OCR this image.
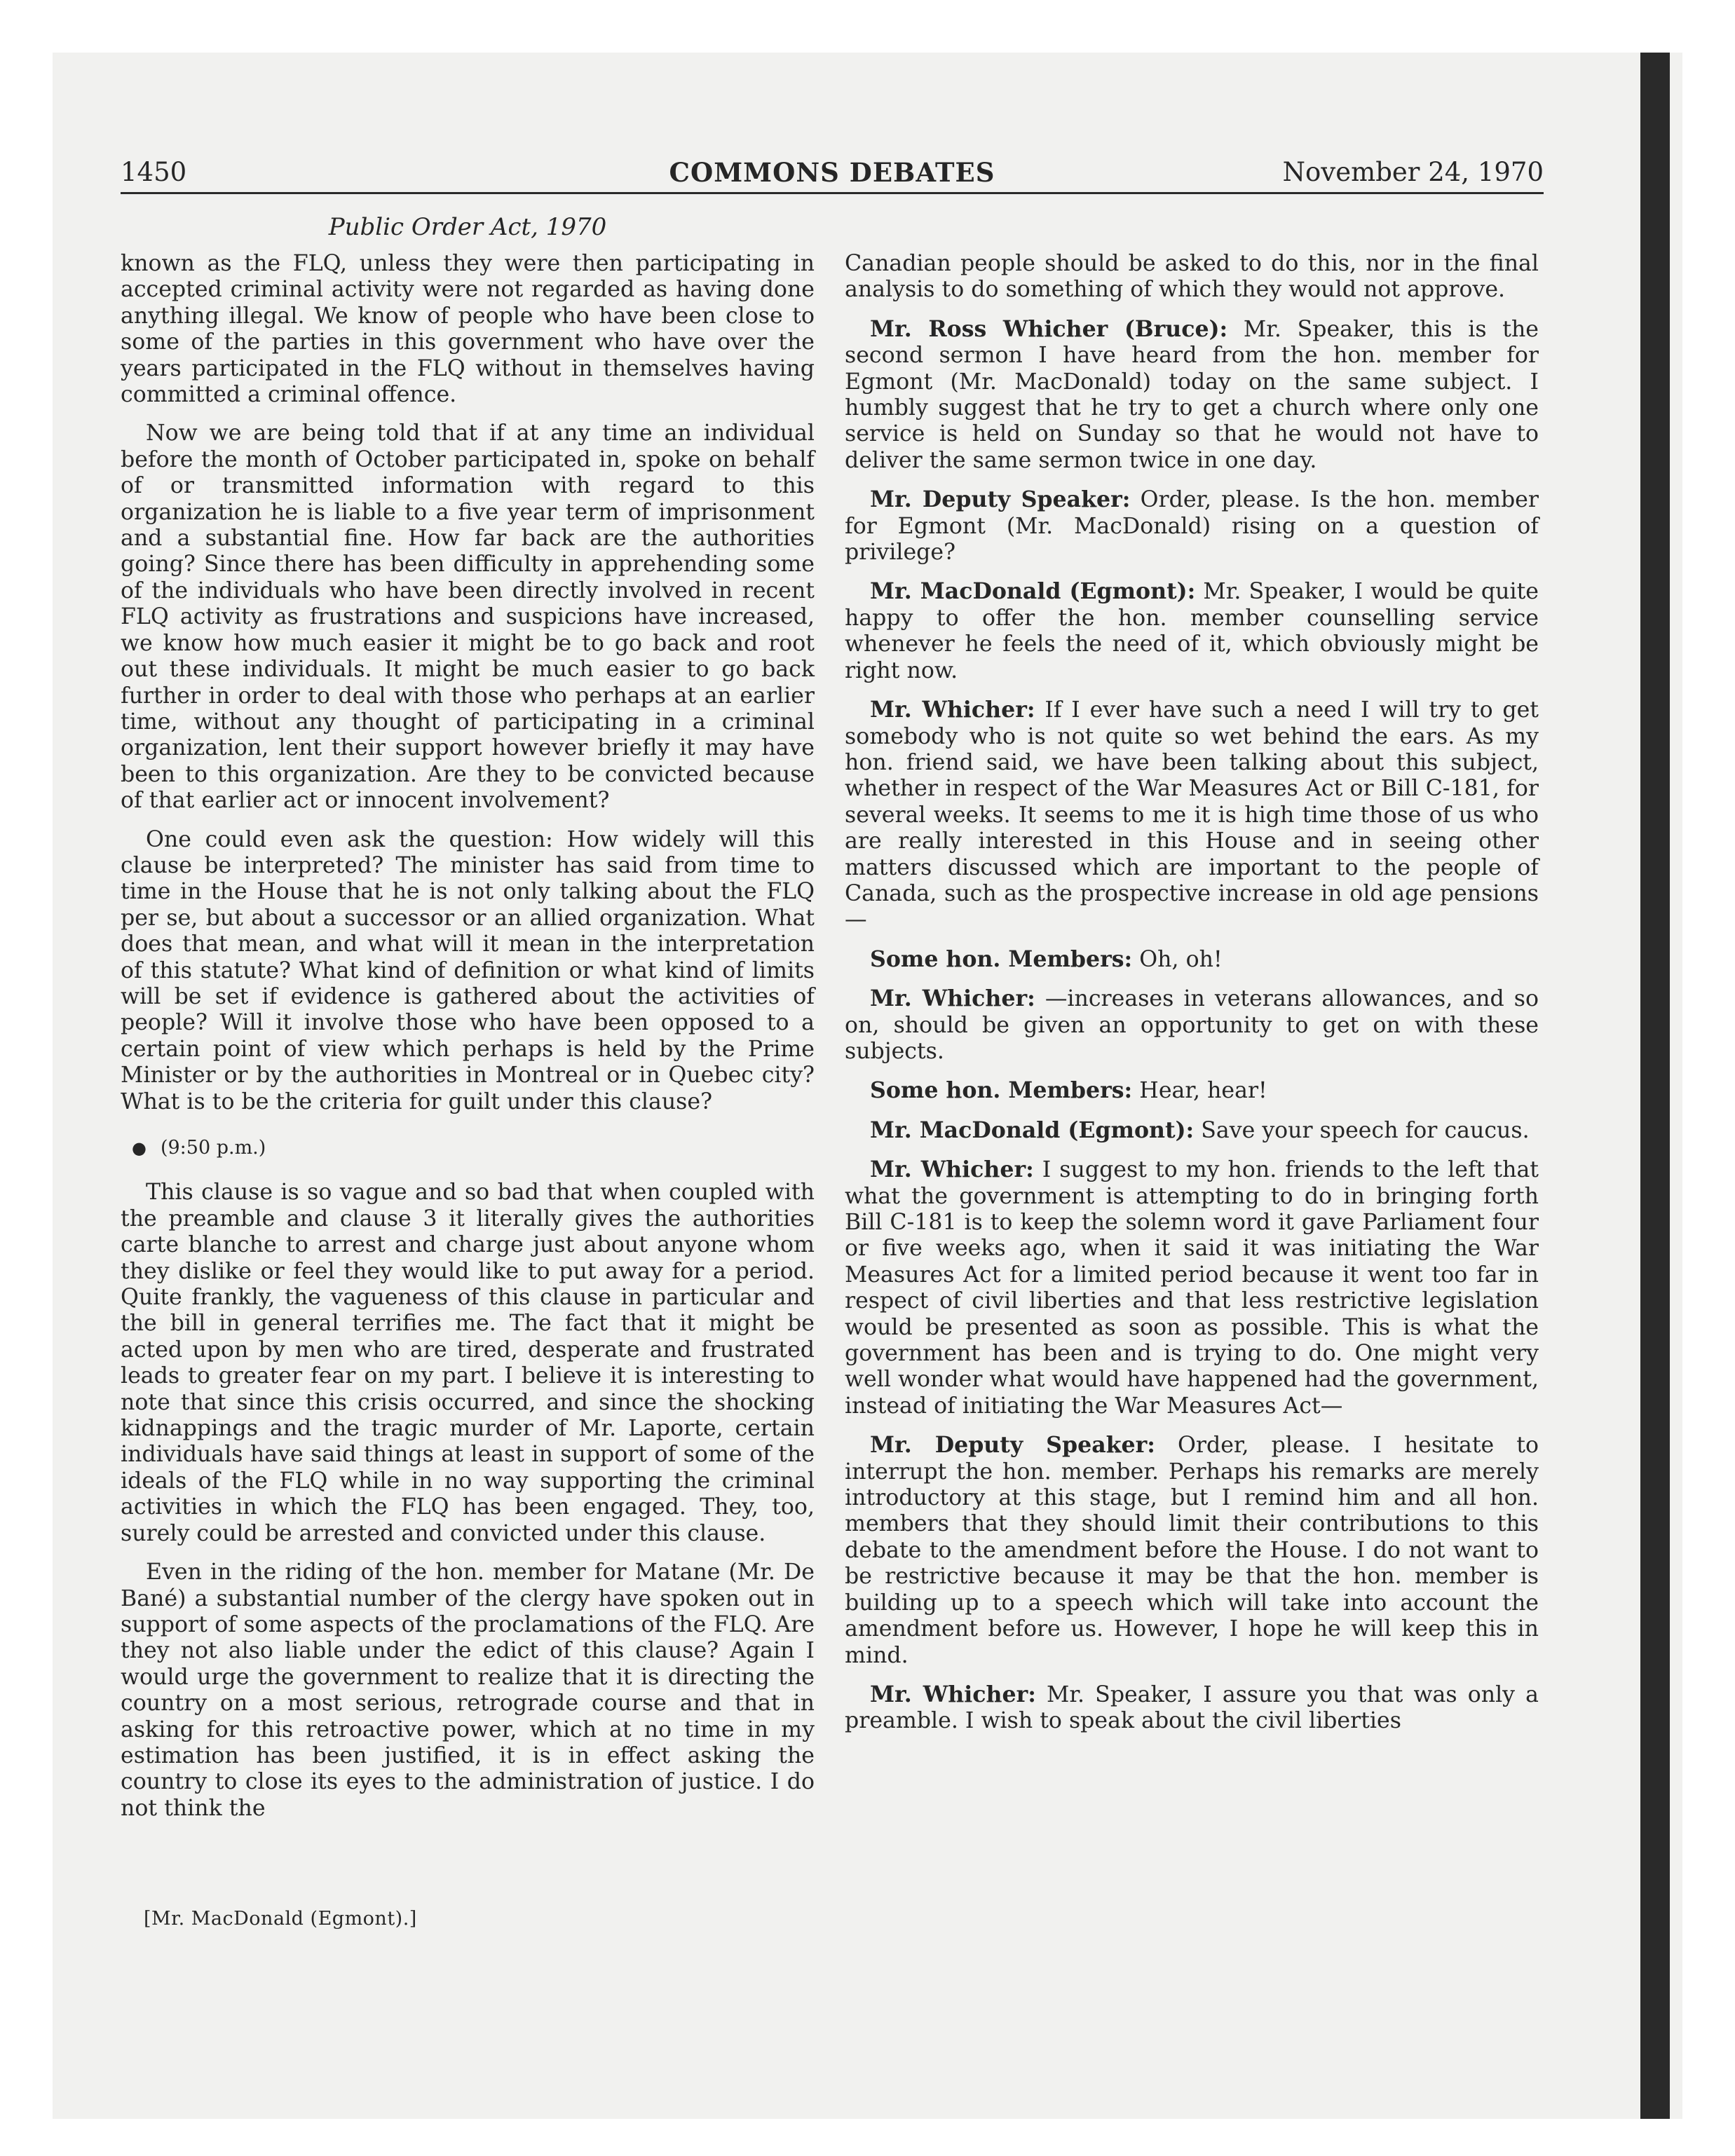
1450	COMMONS DEBATES	November 24, 1970
Public Order Act, 1970

known as the FLQ, unless they were then participating in accepted criminal activity were not regarded as having done anything illegal. We know of people who have been close to some of the parties in this government who have over the years participated in the FLQ without in themselves having committed a criminal offence.

Now we are being told that if at any time an individual before the month of October participated in, spoke on behalf of or transmitted information with regard to this organization he is liable to a five year term of imprisonment and a substantial fine. How far back are the authorities going? Since there has been difficulty in apprehending some of the individuals who have been directly involved in recent FLQ activity as frustrations and suspicions have increased, we know how much easier it might be to go back and root out these individuals. It might be much easier to go back further in order to deal with those who perhaps at an earlier time, without any thought of participating in a criminal organization, lent their support however briefly it may have been to this organization. Are they to be convicted because of that earlier act or innocent involvement?

One could even ask the question: How widely will this clause be interpreted? The minister has said from time to time in the House that he is not only talking about the FLQ per se, but about a successor or an allied organization. What does that mean, and what will it mean in the interpretation of this statute? What kind of definition or what kind of limits will be set if evidence is gathered about the activities of people? Will it involve those who have been opposed to a certain point of view which perhaps is held by the Prime Minister or by the authorities in Montreal or in Quebec city? What is to be the criteria for guilt under this clause?

● (9:50 p.m.)

This clause is so vague and so bad that when coupled with the preamble and clause 3 it literally gives the authorities carte blanche to arrest and charge just about anyone whom they dislike or feel they would like to put away for a period. Quite frankly, the vagueness of this clause in particular and the bill in general terrifies me. The fact that it might be acted upon by men who are tired, desperate and frustrated leads to greater fear on my part. I believe it is interesting to note that since this crisis occurred, and since the shocking kidnappings and the tragic murder of Mr. Laporte, certain individuals have said things at least in support of some of the ideals of the FLQ while in no way supporting the criminal activities in which the FLQ has been engaged. They, too, surely could be arrested and convicted under this clause.

Even in the riding of the hon. member for Matane (Mr. De Bané) a substantial number of the clergy have spoken out in support of some aspects of the proclamations of the FLQ. Are they not also liable under the edict of this clause? Again I would urge the government to realize that it is directing the country on a most serious, retrograde course and that in asking for this retroactive power, which at no time in my estimation has been justified, it is in effect asking the country to close its eyes to the administration of justice. I do not think the

Canadian people should be asked to do this, nor in the final analysis to do something of which they would not approve.

Mr. Ross Whicher (Bruce): Mr. Speaker, this is the second sermon I have heard from the hon. member for Egmont (Mr. MacDonald) today on the same subject. I humbly suggest that he try to get a church where only one service is held on Sunday so that he would not have to deliver the same sermon twice in one day.

Mr. Deputy Speaker: Order, please. Is the hon. member for Egmont (Mr. MacDonald) rising on a question of privilege?

Mr. MacDonald (Egmont): Mr. Speaker, I would be quite happy to offer the hon. member counselling service whenever he feels the need of it, which obviously might be right now.

Mr. Whicher: If I ever have such a need I will try to get somebody who is not quite so wet behind the ears. As my hon. friend said, we have been talking about this subject, whether in respect of the War Measures Act or Bill C-181, for several weeks. It seems to me it is high time those of us who are really interested in this House and in seeing other matters discussed which are important to the people of Canada, such as the prospective increase in old age pensions—

Some hon. Members: Oh, oh!

Mr. Whicher: —increases in veterans allowances, and so on, should be given an opportunity to get on with these subjects.

Some hon. Members: Hear, hear!

Mr. MacDonald (Egmont): Save your speech for caucus.

Mr. Whicher: I suggest to my hon. friends to the left that what the government is attempting to do in bringing forth Bill C-181 is to keep the solemn word it gave Parliament four or five weeks ago, when it said it was initiating the War Measures Act for a limited period because it went too far in respect of civil liberties and that less restrictive legislation would be presented as soon as possible. This is what the government has been and is trying to do. One might very well wonder what would have happened had the government, instead of initiating the War Measures Act—

Mr. Deputy Speaker: Order, please. I hesitate to interrupt the hon. member. Perhaps his remarks are merely introductory at this stage, but I remind him and all hon. members that they should limit their contributions to this debate to the amendment before the House. I do not want to be restrictive because it may be that the hon. member is building up to a speech which will take into account the amendment before us. However, I hope he will keep this in mind.

Mr. Whicher: Mr. Speaker, I assure you that was only a preamble. I wish to speak about the civil liberties

[Mr. MacDonald (Egmont).]
